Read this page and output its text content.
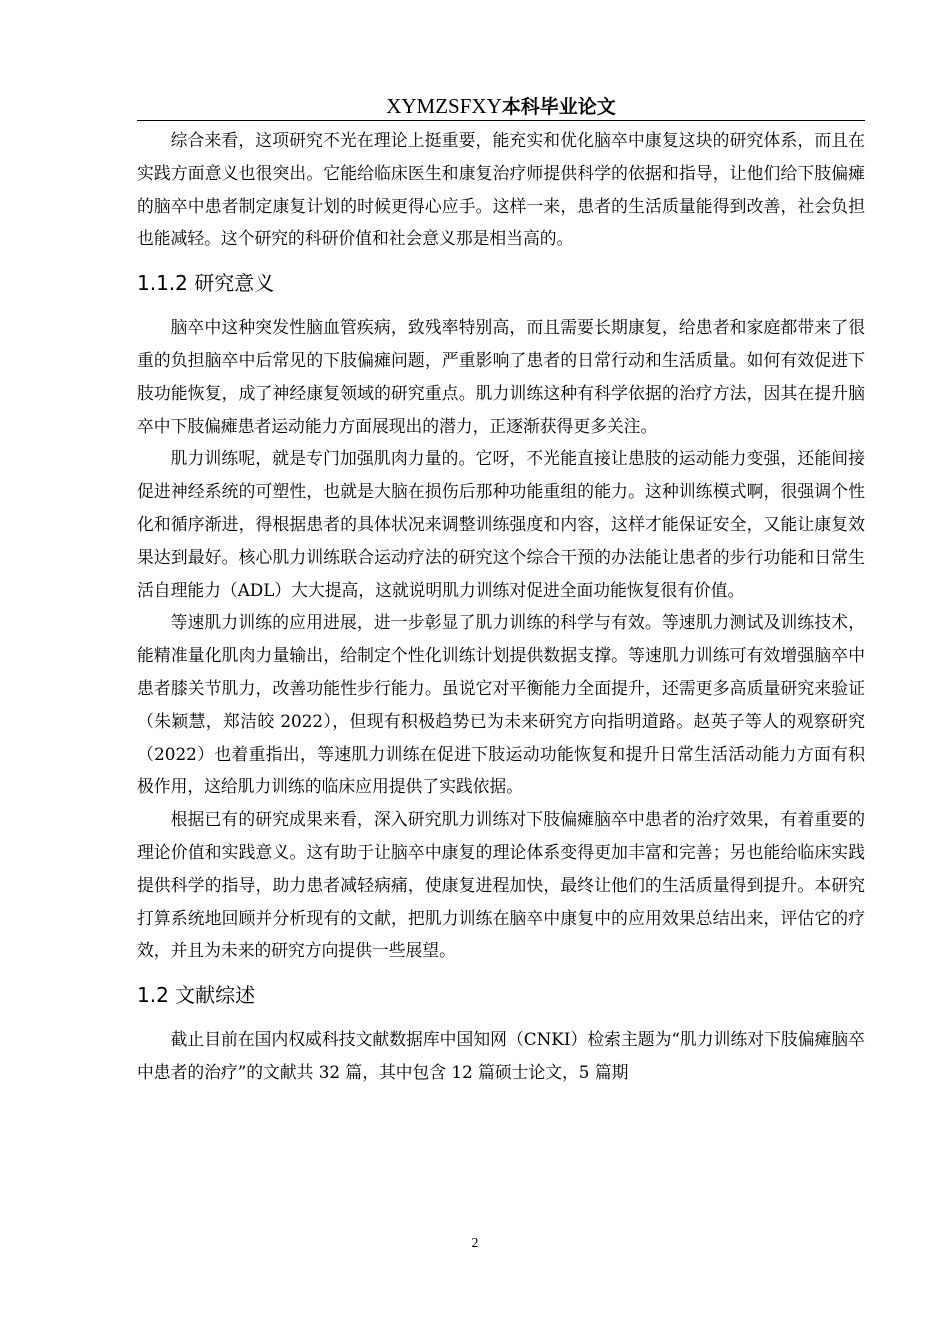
XYMZSFXY本科毕业论文

综合来看，这项研究不光在理论上挺重要，能充实和优化脑卒中康复这块的研究体系，而且在实践方面意义也很突出。它能给临床医生和康复治疗师提供科学的依据和指导，让他们给下肢偏瘫的脑卒中患者制定康复计划的时候更得心应手。这样一来，患者的生活质量能得到改善，社会负担也能减轻。这个研究的科研价值和社会意义那是相当高的。

1.1.2 研究意义

脑卒中这种突发性脑血管疾病，致残率特别高，而且需要长期康复，给患者和家庭都带来了很重的负担脑卒中后常见的下肢偏瘫问题，严重影响了患者的日常行动和生活质量。如何有效促进下肢功能恢复，成了神经康复领域的研究重点。肌力训练这种有科学依据的治疗方法，因其在提升脑卒中下肢偏瘫患者运动能力方面展现出的潜力，正逐渐获得更多关注。

肌力训练呢，就是专门加强肌肉力量的。它呀，不光能直接让患肢的运动能力变强，还能间接促进神经系统的可塑性，也就是大脑在损伤后那种功能重组的能力。这种训练模式啊，很强调个性化和循序渐进，得根据患者的具体状况来调整训练强度和内容，这样才能保证安全，又能让康复效果达到最好。核心肌力训练联合运动疗法的研究这个综合干预的办法能让患者的步行功能和日常生活自理能力（ADL）大大提高，这就说明肌力训练对促进全面功能恢复很有价值。

等速肌力训练的应用进展，进一步彰显了肌力训练的科学与有效。等速肌力测试及训练技术，能精准量化肌肉力量输出，给制定个性化训练计划提供数据支撑。等速肌力训练可有效增强脑卒中患者膝关节肌力，改善功能性步行能力。虽说它对平衡能力全面提升，还需更多高质量研究来验证（朱颖慧，郑洁皎 2022），但现有积极趋势已为未来研究方向指明道路。赵英子等人的观察研究（2022）也着重指出，等速肌力训练在促进下肢运动功能恢复和提升日常生活活动能力方面有积极作用，这给肌力训练的临床应用提供了实践依据。

根据已有的研究成果来看，深入研究肌力训练对下肢偏瘫脑卒中患者的治疗效果，有着重要的理论价值和实践意义。这有助于让脑卒中康复的理论体系变得更加丰富和完善；另也能给临床实践提供科学的指导，助力患者减轻病痛，使康复进程加快，最终让他们的生活质量得到提升。本研究打算系统地回顾并分析现有的文献，把肌力训练在脑卒中康复中的应用效果总结出来，评估它的疗效，并且为未来的研究方向提供一些展望。

1.2 文献综述

截止目前在国内权威科技文献数据库中国知网（CNKI）检索主题为“肌力训练对下肢偏瘫脑卒中患者的治疗”的文献共 32 篇，其中包含 12 篇硕士论文，5 篇期

2
